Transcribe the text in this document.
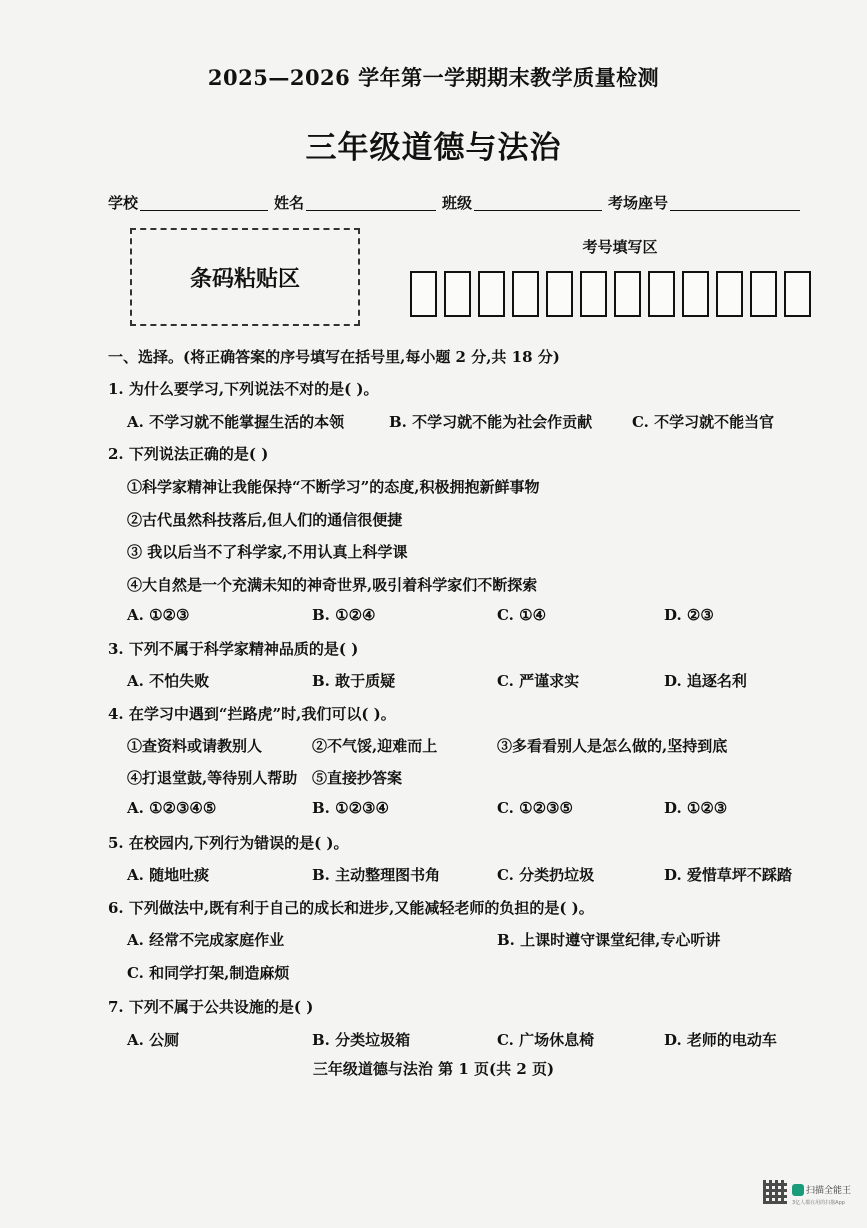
2025—2026 学年第一学期期末教学质量检测
三年级道德与法治
学校	姓名	班级	考场座号
条码粘贴区
考号填写区
一、选择。(将正确答案的序号填写在括号里,每小题 2 分,共 18 分)
1. 为什么要学习,下列说法不对的是( )。
A. 不学习就不能掌握生活的本领	B. 不学习就不能为社会作贡献	C. 不学习就不能当官
2. 下列说法正确的是( )
①科学家精神让我能保持“不断学习”的态度,积极拥抱新鲜事物
②古代虽然科技落后,但人们的通信很便捷
③ 我以后当不了科学家,不用认真上科学课
④大自然是一个充满未知的神奇世界,吸引着科学家们不断探索
A. ①②③	B. ①②④	C. ①④	D. ②③
3. 下列不属于科学家精神品质的是( )
A. 不怕失败	B. 敢于质疑	C. 严谨求实	D. 追逐名利
4. 在学习中遇到“拦路虎”时,我们可以( )。
①查资料或请教别人	②不气馁,迎难而上	③多看看别人是怎么做的,坚持到底
④打退堂鼓,等待别人帮助 ⑤直接抄答案
A. ①②③④⑤	B. ①②③④	C. ①②③⑤	D. ①②③
5. 在校园内,下列行为错误的是( )。
A. 随地吐痰	B. 主动整理图书角	C. 分类扔垃圾	D. 爱惜草坪不踩踏
6. 下列做法中,既有利于自己的成长和进步,又能减轻老师的负担的是( )。
A. 经常不完成家庭作业	B. 上课时遵守课堂纪律,专心听讲
C. 和同学打架,制造麻烦
7. 下列不属于公共设施的是( )
A. 公厕	B. 分类垃圾箱	C. 广场休息椅	D. 老师的电动车
三年级道德与法治 第 1 页(共 2 页)
扫描全能王
3亿人都在用的扫描App
